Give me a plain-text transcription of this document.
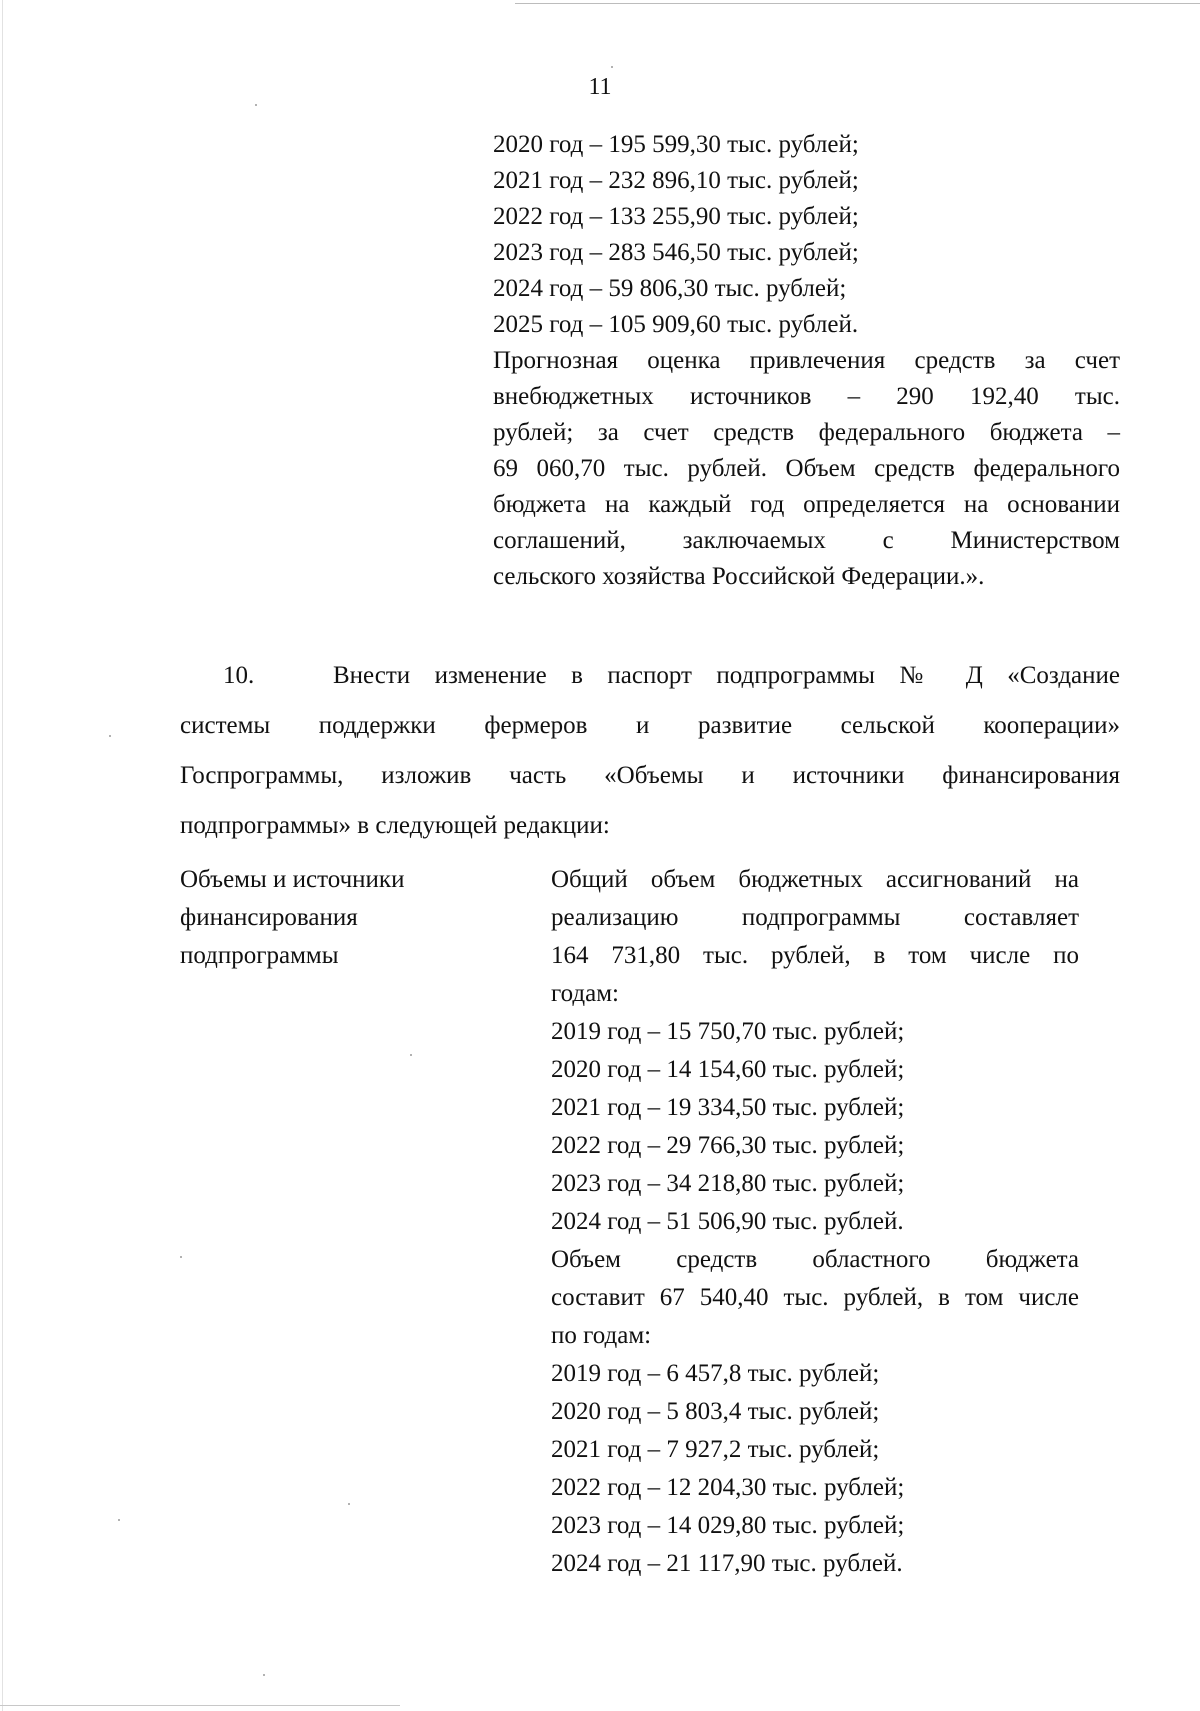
11
2020 год – 195 599,30 тыс. рублей;
2021 год – 232 896,10 тыс. рублей;
2022 год – 133 255,90 тыс. рублей;
2023 год – 283 546,50 тыс. рублей;
2024 год – 59 806,30 тыс. рублей;
2025 год – 105 909,60 тыс. рублей.
Прогнозная оценка привлечения средств за счет
внебюджетных источников – 290 192,40 тыс.
рублей; за счет средств федерального бюджета –
69 060,70 тыс. рублей. Объем средств федерального
бюджета на каждый год определяется на основании
соглашений, заключаемых с Министерством
сельского хозяйства Российской Федерации.».
10.	Внести изменение в паспорт подпрограммы № Д «Создание
системы поддержки фермеров и развитие сельской кооперации»
Госпрограммы, изложив часть «Объемы и источники финансирования
подпрограммы» в следующей редакции:
Объемы и источники
финансирования
подпрограммы
Общий объем бюджетных ассигнований на
реализацию подпрограммы составляет
164 731,80 тыс. рублей, в том числе по
годам:
2019 год – 15 750,70 тыс. рублей;
2020 год – 14 154,60 тыс. рублей;
2021 год – 19 334,50 тыс. рублей;
2022 год – 29 766,30 тыс. рублей;
2023 год – 34 218,80 тыс. рублей;
2024 год – 51 506,90 тыс. рублей.
Объем средств областного бюджета
составит 67 540,40 тыс. рублей, в том числе
по годам:
2019 год – 6 457,8 тыс. рублей;
2020 год – 5 803,4 тыс. рублей;
2021 год – 7 927,2 тыс. рублей;
2022 год – 12 204,30 тыс. рублей;
2023 год – 14 029,80 тыс. рублей;
2024 год – 21 117,90 тыс. рублей.
